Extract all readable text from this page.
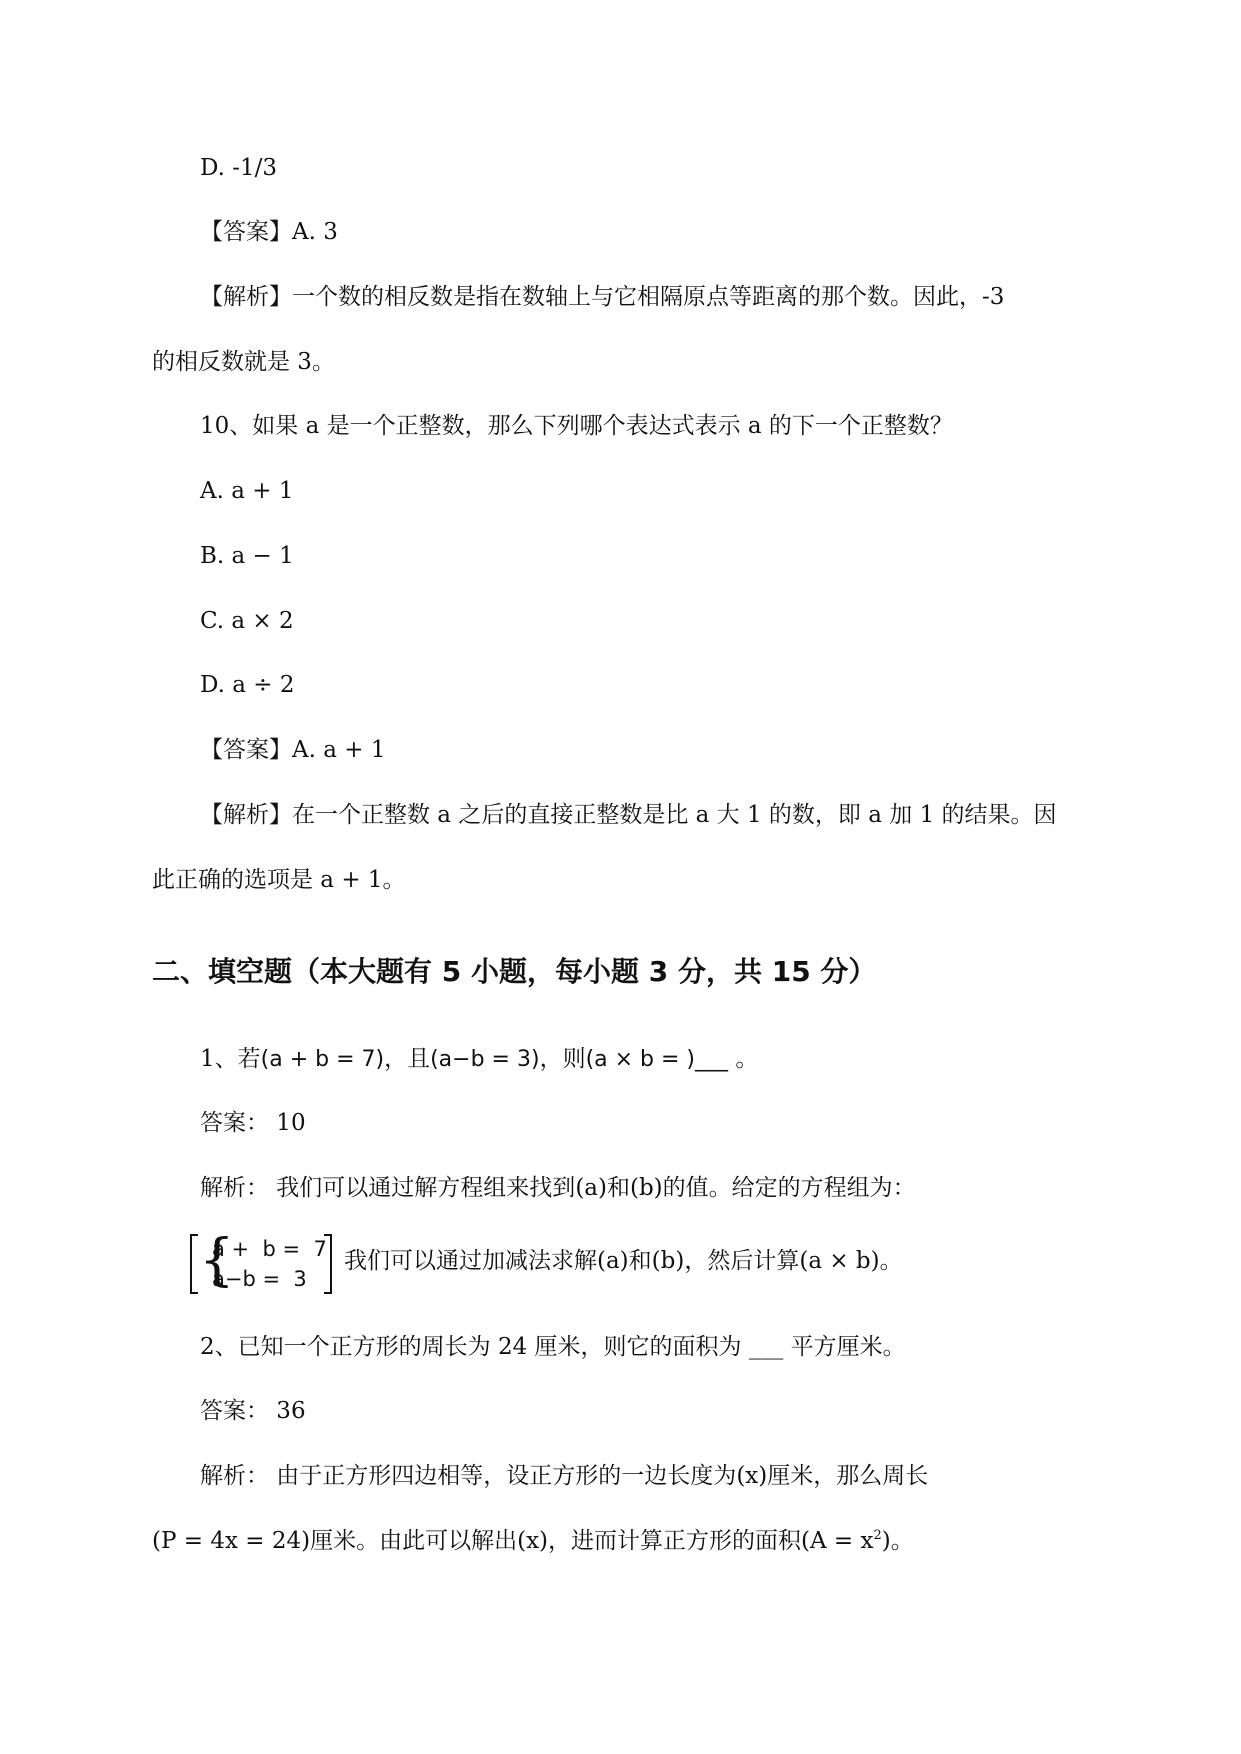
D. -1/3
【答案】A. 3
【解析】一个数的相反数是指在数轴上与它相隔原点等距离的那个数。因此，-3
的相反数就是 3。
10、如果 a 是一个正整数，那么下列哪个表达式表示 a 的下一个正整数？
A. a + 1
B. a − 1
C. a × 2
D. a ÷ 2
【答案】A. a + 1
【解析】在一个正整数 a 之后的直接正整数是比 a 大 1 的数，即 a 加 1 的结果。因
此正确的选项是 a + 1。
二、填空题（本大题有 5 小题，每小题 3 分，共 15 分）
1、若(a + b = 7)，且(a−b = 3)，则(a × b = )___ 。
答案： 10
解析： 我们可以通过解方程组来找到(a)和(b)的值。给定的方程组为：
{
a +  b =  7
a−b =  3
我们可以通过加减法求解(a)和(b)，然后计算(a × b)。
2、已知一个正方形的周长为 24 厘米，则它的面积为 ___ 平方厘米。
答案： 36
解析： 由于正方形四边相等，设正方形的一边长度为(x)厘米，那么周长
(P = 4x = 24)厘米。由此可以解出(x)，进而计算正方形的面积$(A = x^2)$。
